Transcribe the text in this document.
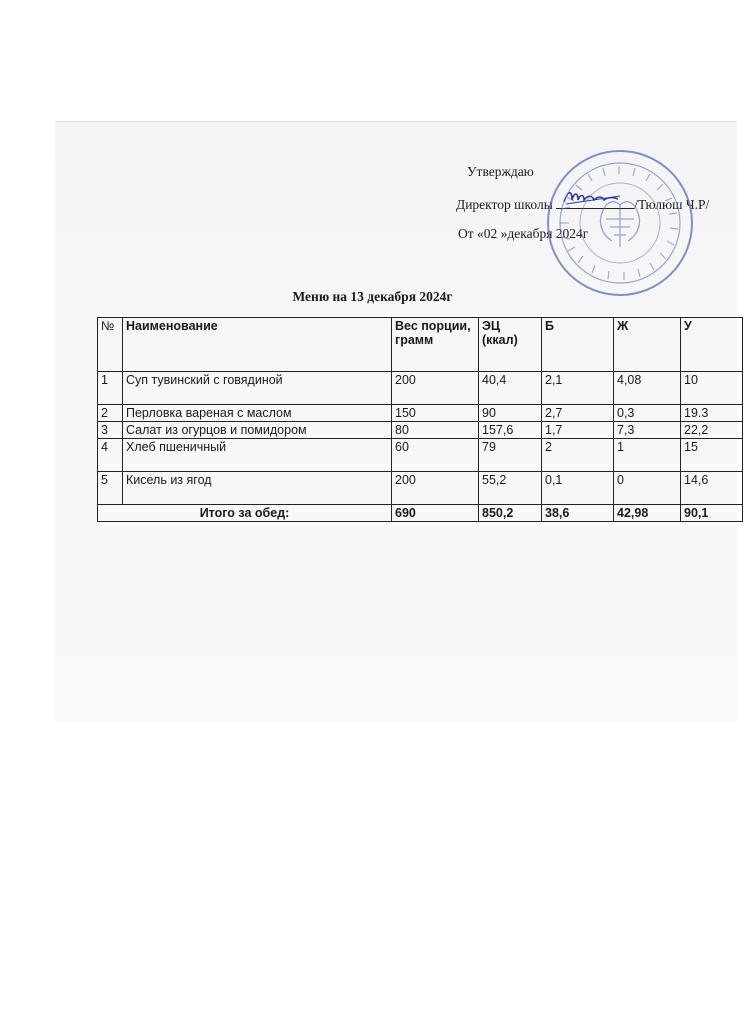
Утверждаю
Директор школы	/Тюлюш Ч.Р/
От «02 »декабря 2024г
Меню на 13 декабря 2024г
№	Наименование	Вес порции, грамм	ЭЦ (ккал)	Б	Ж	У
1	Суп тувинский с говядиной	200	40,4	2,1	4,08	10
2	Перловка вареная с маслом	150	90	2,7	0,3	19.3
3	Салат из огурцов и помидором	80	157,6	1,7	7,3	22,2
4	Хлеб пшеничный	60	79	2	1	15
5	Кисель из ягод	200	55,2	0,1	0	14,6
Итого за обед:		690	850,2	38,6	42,98	90,1
